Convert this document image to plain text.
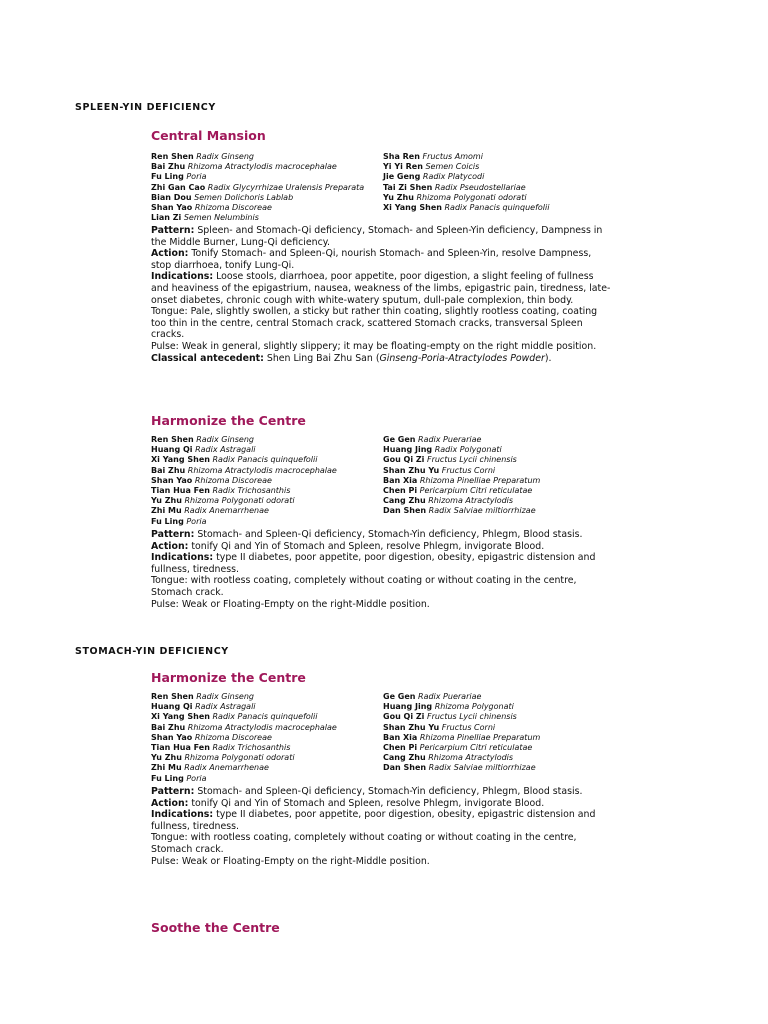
SPLEEN-YIN DEFICIENCY
Central Mansion
Ren Shen Radix Ginseng
Bai Zhu Rhizoma Atractylodis macrocephalae
Fu Ling Poria
Zhi Gan Cao Radix Glycyrrhizae Uralensis Preparata
Bian Dou Semen Dolichoris Lablab
Shan Yao Rhizoma Discoreae
Lian Zi Semen Nelumbinis
Sha Ren Fructus Amomi
Yi Yi Ren Semen Coicis
Jie Geng Radix Platycodi
Tai Zi Shen Radix Pseudostellariae
Yu Zhu Rhizoma Polygonati odorati
Xi Yang Shen Radix Panacis quinquefolii

Pattern: Spleen- and Stomach-Qi deficiency, Stomach- and Spleen-Yin deficiency, Dampness in the Middle Burner, Lung-Qi deficiency.

Action: Tonify Stomach- and Spleen-Qi, nourish Stomach- and Spleen-Yin, resolve Dampness, stop diarrhoea, tonify Lung-Qi.

Indications: Loose stools, diarrhoea, poor appetite, poor digestion, a slight feeling of fullness and heaviness of the epigastrium, nausea, weakness of the limbs, epigastric pain, tiredness, late-onset diabetes, chronic cough with white-watery sputum, dull-pale complexion, thin body.

Tongue: Pale, slightly swollen, a sticky but rather thin coating, slightly rootless coating, coating too thin in the centre, central Stomach crack, scattered Stomach cracks, transversal Spleen cracks.

Pulse: Weak in general, slightly slippery; it may be floating-empty on the right middle position.

Classical antecedent: Shen Ling Bai Zhu San (Ginseng-Poria-Atractylodes Powder).

Harmonize the Centre
Ren Shen Radix Ginseng
Huang Qi Radix Astragali
Xi Yang Shen Radix Panacis quinquefolii
Bai Zhu Rhizoma Atractylodis macrocephalae
Shan Yao Rhizoma Discoreae
Tian Hua Fen Radix Trichosanthis
Yu Zhu Rhizoma Polygonati odorati
Zhi Mu Radix Anemarrhenae
Fu Ling Poria
Ge Gen Radix Puerariae
Huang Jing Radix Polygonati
Gou Qi Zi Fructus Lycii chinensis
Shan Zhu Yu Fructus Corni
Ban Xia Rhizoma Pinelliae Preparatum
Chen Pi Pericarpium Citri reticulatae
Cang Zhu Rhizoma Atractylodis
Dan Shen Radix Salviae miltiorrhizae

Pattern: Stomach- and Spleen-Qi deficiency, Stomach-Yin deficiency, Phlegm, Blood stasis.

Action: tonify Qi and Yin of Stomach and Spleen, resolve Phlegm, invigorate Blood.

Indications: type II diabetes, poor appetite, poor digestion, obesity, epigastric distension and fullness, tiredness.

Tongue: with rootless coating, completely without coating or without coating in the centre, Stomach crack.

Pulse: Weak or Floating-Empty on the right-Middle position.

STOMACH-YIN DEFICIENCY
Harmonize the Centre
Ren Shen Radix Ginseng
Huang Qi Radix Astragali
Xi Yang Shen Radix Panacis quinquefolii
Bai Zhu Rhizoma Atractylodis macrocephalae
Shan Yao Rhizoma Discoreae
Tian Hua Fen Radix Trichosanthis
Yu Zhu Rhizoma Polygonati odorati
Zhi Mu Radix Anemarrhenae
Fu Ling Poria
Ge Gen Radix Puerariae
Huang Jing Rhizoma Polygonati
Gou Qi Zi Fructus Lycii chinensis
Shan Zhu Yu Fructus Corni
Ban Xia Rhizoma Pinelliae Preparatum
Chen Pi Pericarpium Citri reticulatae
Cang Zhu Rhizoma Atractylodis
Dan Shen Radix Salviae miltiorrhizae

Pattern: Stomach- and Spleen-Qi deficiency, Stomach-Yin deficiency, Phlegm, Blood stasis.

Action: tonify Qi and Yin of Stomach and Spleen, resolve Phlegm, invigorate Blood.

Indications: type II diabetes, poor appetite, poor digestion, obesity, epigastric distension and fullness, tiredness.

Tongue: with rootless coating, completely without coating or without coating in the centre, Stomach crack.

Pulse: Weak or Floating-Empty on the right-Middle position.

Soothe the Centre
